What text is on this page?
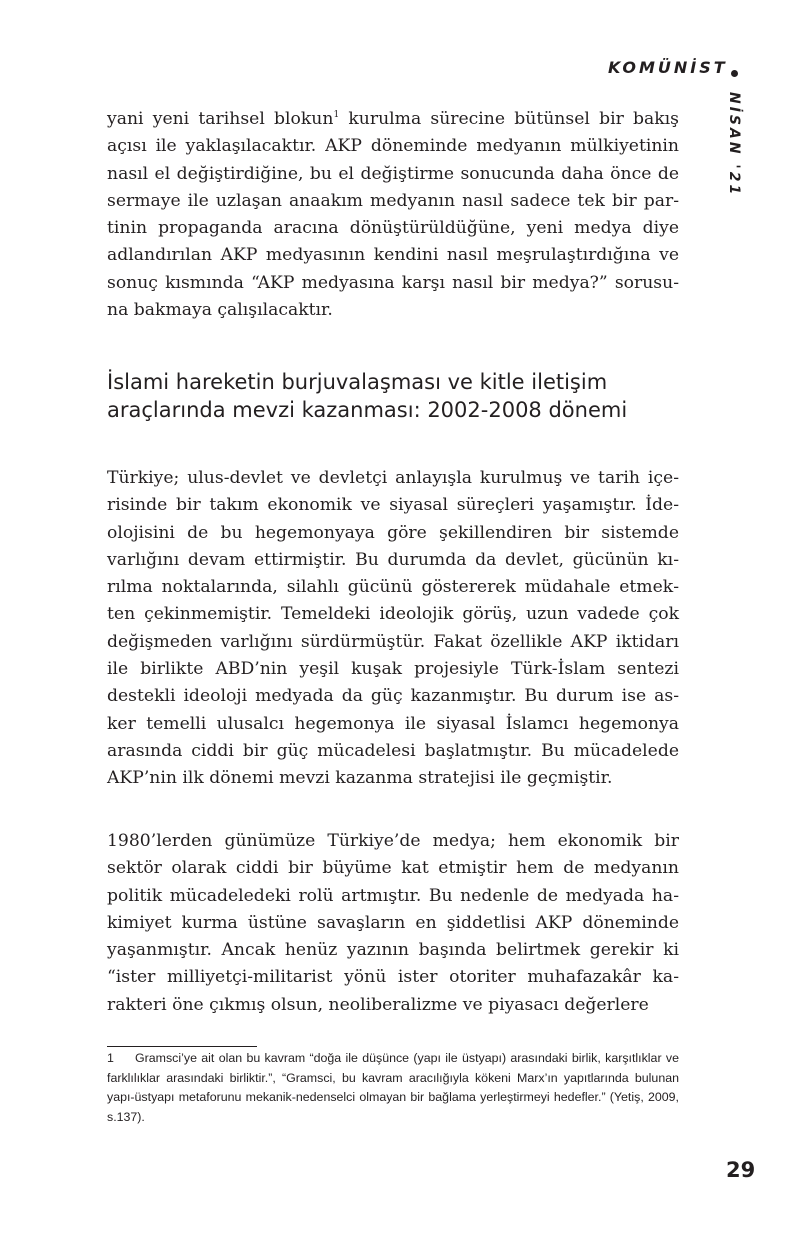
KOMÜNİST
NİSAN '21

yani yeni tarihsel blokun$^1$ kurulma sürecine bütünsel bir bakış açısı ile yaklaşılacaktır. AKP döneminde medyanın mülkiyetinin nasıl el değiştirdiğine, bu el değiştirme sonucunda daha önce de sermaye ile uzlaşan anaakım medyanın nasıl sadece tek bir partinin propaganda aracına dönüştürüldüğüne, yeni medya diye adlandırılan AKP medyasının kendini nasıl meşrulaştırdığına ve sonuç kısmında “AKP medyasına karşı nasıl bir medya?” sorusuna bakmaya çalışılacaktır.

İslami hareketin burjuvalaşması ve kitle iletişim araçlarında mevzi kazanması: 2002-2008 dönemi

Türkiye; ulus-devlet ve devletçi anlayışla kurulmuş ve tarih içerisinde bir takım ekonomik ve siyasal süreçleri yaşamıştır. İdeolojisini de bu hegemonyaya göre şekillendiren bir sistemde varlığını devam ettirmiştir. Bu durumda da devlet, gücünün kırılma noktalarında, silahlı gücünü göstererek müdahale etmekten çekinmemiştir. Temeldeki ideolojik görüş, uzun vadede çok değişmeden varlığını sürdürmüştür. Fakat özellikle AKP iktidarı ile birlikte ABD’nin yeşil kuşak projesiyle Türk-İslam sentezi destekli ideoloji medyada da güç kazanmıştır. Bu durum ise asker temelli ulusalcı hegemonya ile siyasal İslamcı hegemonya arasında ciddi bir güç mücadelesi başlatmıştır. Bu mücadelede AKP’nin ilk dönemi mevzi kazanma stratejisi ile geçmiştir.

1980’lerden günümüze Türkiye’de medya; hem ekonomik bir sektör olarak ciddi bir büyüme kat etmiştir hem de medyanın politik mücadeledeki rolü artmıştır. Bu nedenle de medyada hakimiyet kurma üstüne savaşların en şiddetlisi AKP döneminde yaşanmıştır. Ancak henüz yazının başında belirtmek gerekir ki “ister milliyetçi-militarist yönü ister otoriter muhafazakâr karakteri öne çıkmış olsun, neoliberalizme ve piyasacı değerlere

1 Gramsci’ye ait olan bu kavram “doğa ile düşünce (yapı ile üstyapı) arasındaki birlik, karşıtlıklar ve farklılıklar arasındaki birliktir.”, “Gramsci, bu kavram aracılığıyla kökeni Marx’ın yapıtlarında bulunan yapı-üstyapı metaforunu mekanik-nedenselci olmayan bir bağlama yerleştirmeyi hedefler.” (Yetiş, 2009, s.137).

29
